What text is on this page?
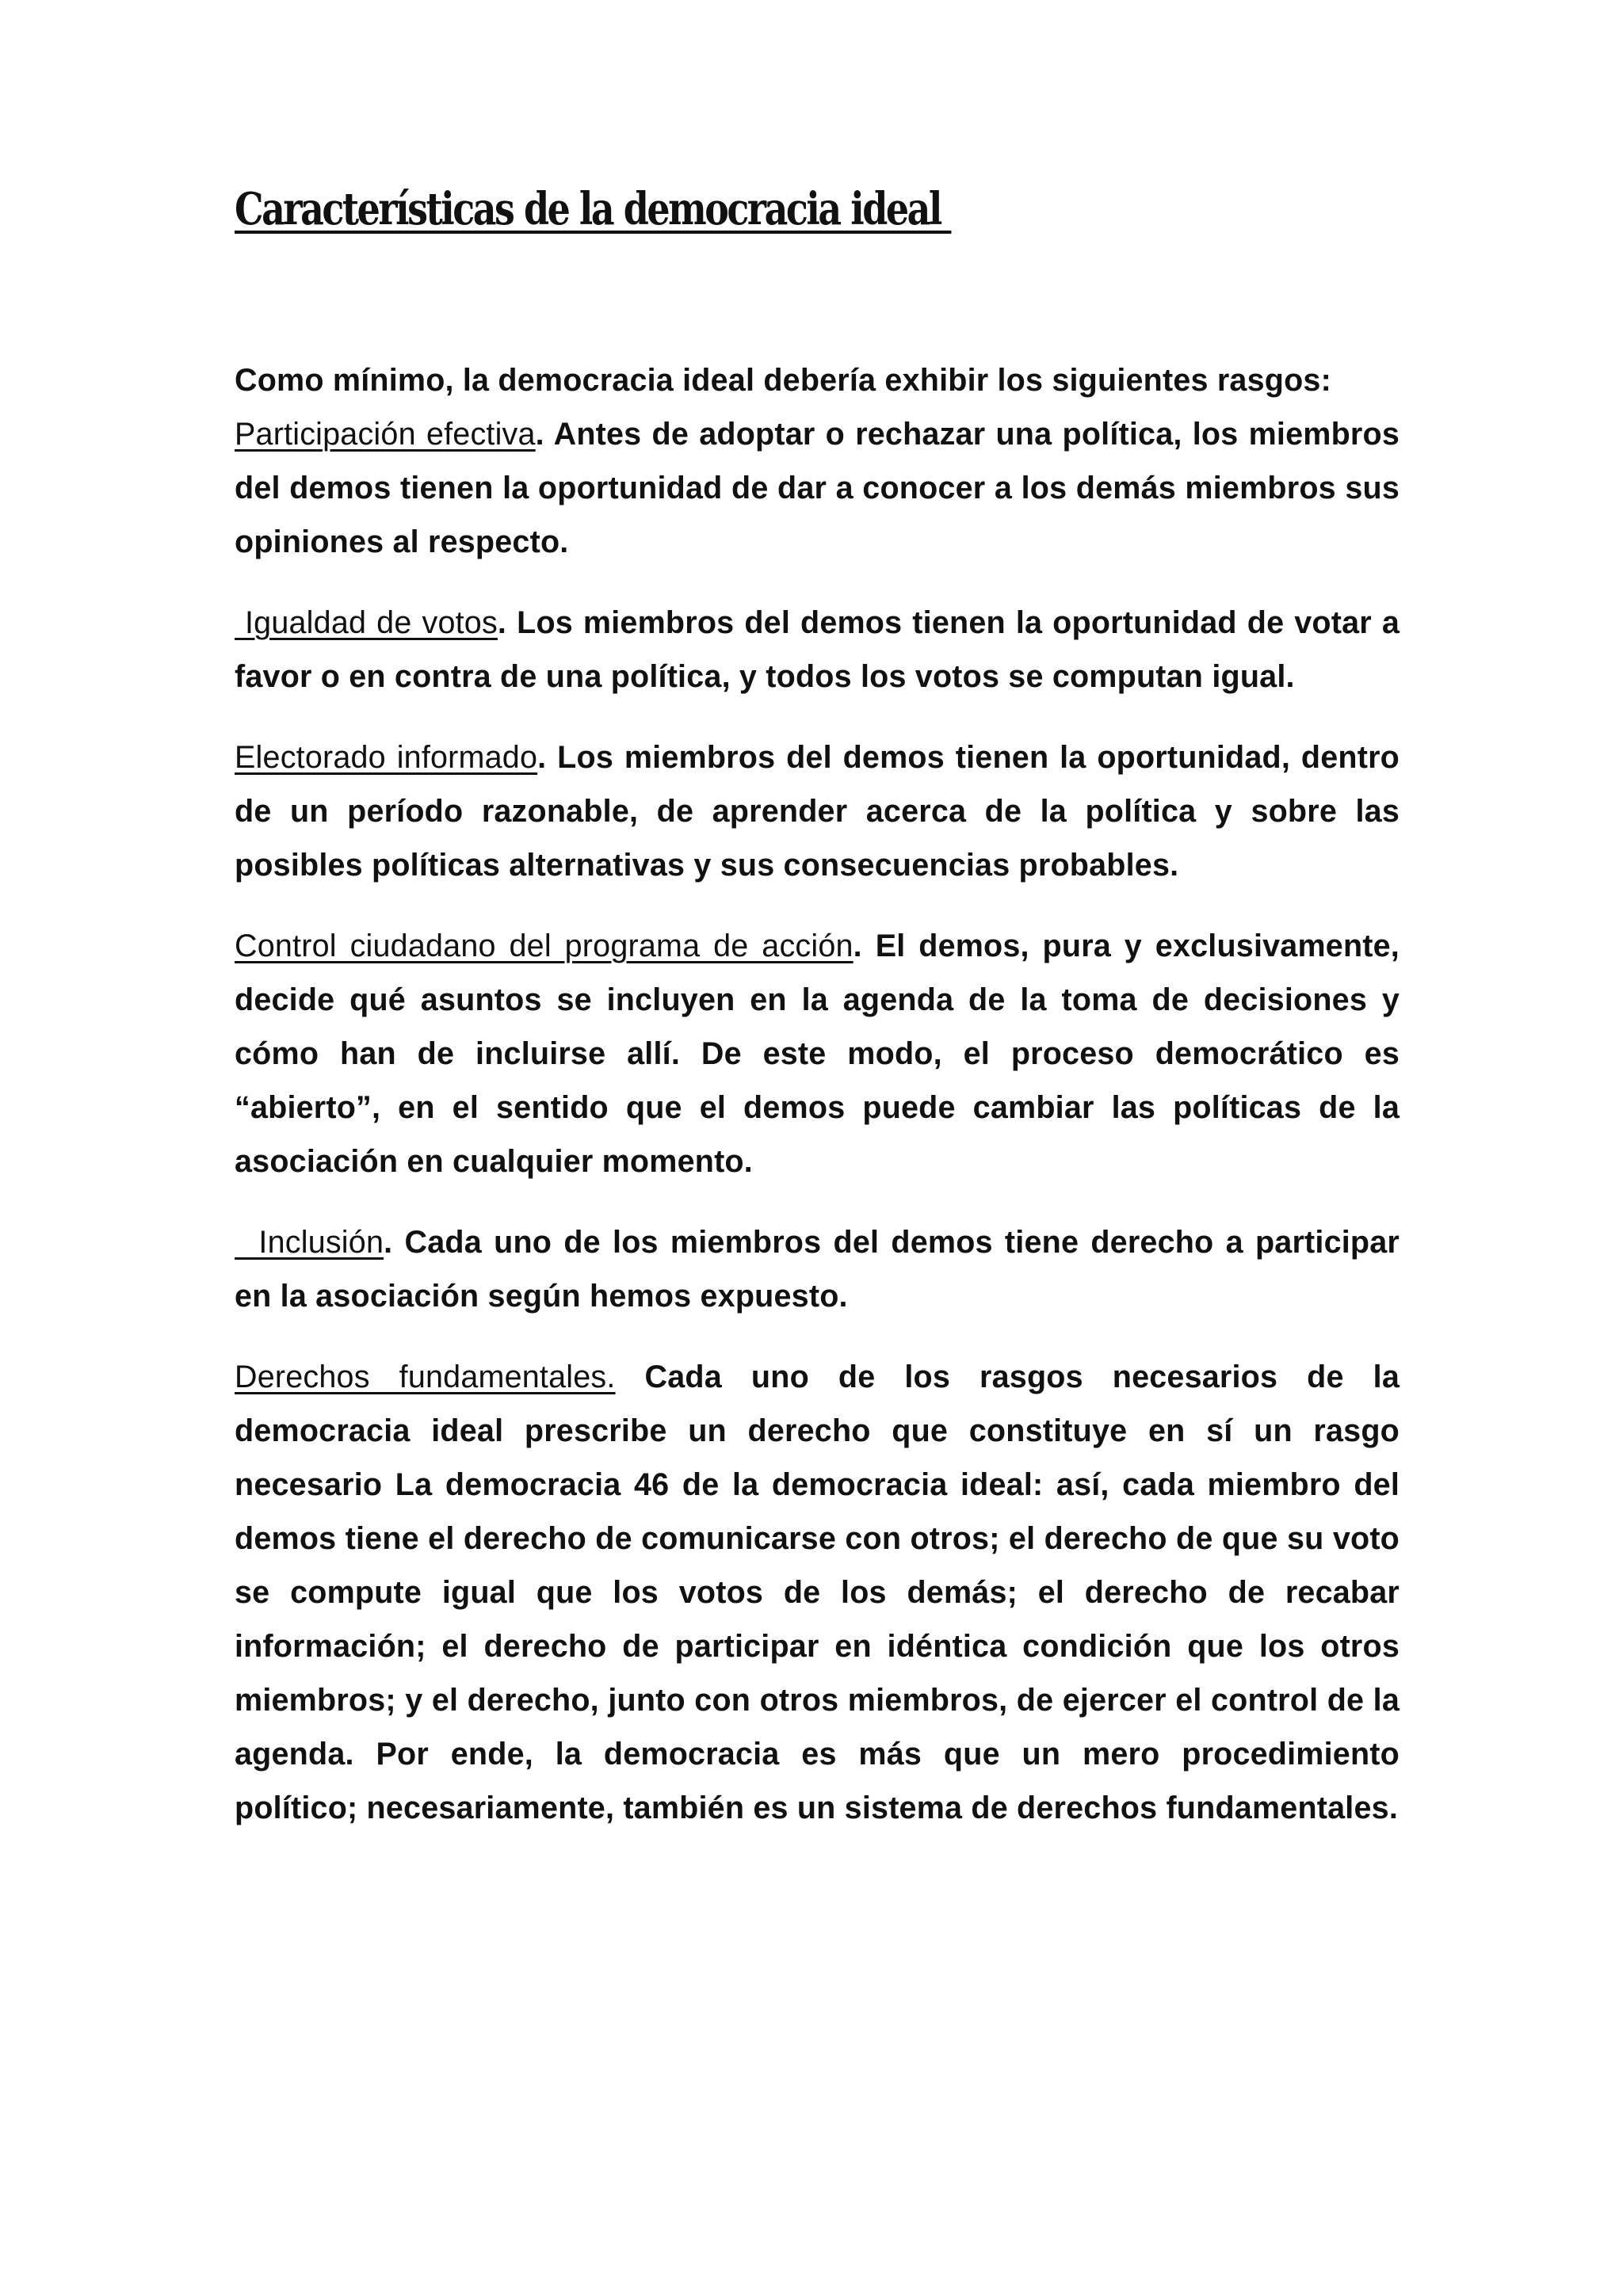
Características de la democracia ideal

Como mínimo, la democracia ideal debería exhibir los siguientes rasgos:
Participación efectiva. Antes de adoptar o rechazar una política, los miembros del demos tienen la oportunidad de dar a conocer a los demás miembros sus opiniones al respecto.

Igualdad de votos. Los miembros del demos tienen la oportunidad de votar a favor o en contra de una política, y todos los votos se computan igual.

Electorado informado. Los miembros del demos tienen la oportunidad, dentro de un período razonable, de aprender acerca de la política y sobre las posibles políticas alternativas y sus consecuencias probables.

Control ciudadano del programa de acción. El demos, pura y exclusivamente, decide qué asuntos se incluyen en la agenda de la toma de decisiones y cómo han de incluirse allí. De este modo, el proceso democrático es “abierto”, en el sentido que el demos puede cambiar las políticas de la asociación en cualquier momento.

Inclusión. Cada uno de los miembros del demos tiene derecho a participar en la asociación según hemos expuesto.

Derechos fundamentales. Cada uno de los rasgos necesarios de la democracia ideal prescribe un derecho que constituye en sí un rasgo necesario La democracia 46 de la democracia ideal: así, cada miembro del demos tiene el derecho de comunicarse con otros; el derecho de que su voto se compute igual que los votos de los demás; el derecho de recabar información; el derecho de participar en idéntica condición que los otros miembros; y el derecho, junto con otros miembros, de ejercer el control de la agenda. Por ende, la democracia es más que un mero procedimiento político; necesariamente, también es un sistema de derechos fundamentales.
